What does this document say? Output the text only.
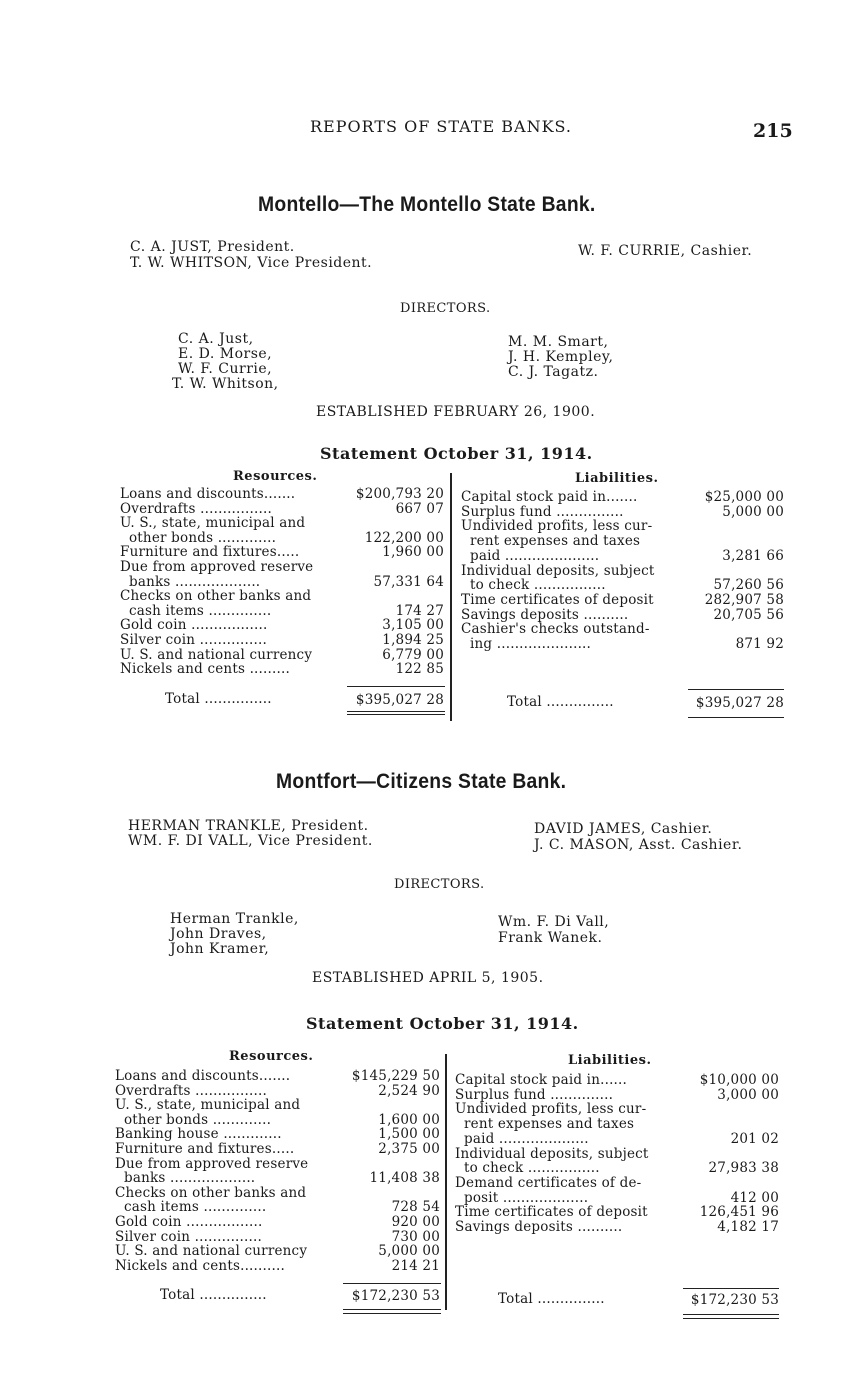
REPORTS OF STATE BANKS.	215
Montello—The Montello State Bank.
C. A. JUST, President.
T. W. WHITSON, Vice President.
W. F. CURRIE, Cashier.
DIRECTORS.
C. A. Just,
E. D. Morse,
W. F. Currie,
T. W. Whitson,
M. M. Smart,
J. H. Kempley,
C. J. Tagatz.
ESTABLISHED FEBRUARY 26, 1900.
Statement October 31, 1914.
Resources.	Liabilities.
Loans and discounts.......	$200,793 20
Overdrafts ................	667 07
U. S., state, municipal and
other bonds .............	122,200 00
Furniture and fixtures.....	1,960 00
Due from approved reserve
banks ...................	57,331 64
Checks on other banks and
cash items ..............	174 27
Gold coin .................	3,105 00
Silver coin ...............	1,894 25
U. S. and national currency	6,779 00
Nickels and cents .........	122 85
Capital stock paid in.......	$25,000 00
Surplus fund ...............	5,000 00
Undivided profits, less cur-
rent expenses and taxes
paid .....................	3,281 66
Individual deposits, subject
to check ................	57,260 56
Time certificates of deposit	282,907 58
Savings deposits ..........	20,705 56
Cashier's checks outstand-
ing .....................	871 92
Total ...............	$395,027 28	Total ...............	$395,027 28
Montfort—Citizens State Bank.
HERMAN TRANKLE, President.
WM. F. DI VALL, Vice President.
DAVID JAMES, Cashier.
J. C. MASON, Asst. Cashier.
DIRECTORS.
Herman Trankle,
John Draves,
John Kramer,
Wm. F. Di Vall,
Frank Wanek.
ESTABLISHED APRIL 5, 1905.
Statement October 31, 1914.
Resources.	Liabilities.
Loans and discounts.......	$145,229 50
Overdrafts ................	2,524 90
U. S., state, municipal and
other bonds .............	1,600 00
Banking house .............	1,500 00
Furniture and fixtures.....	2,375 00
Due from approved reserve
banks ...................	11,408 38
Checks on other banks and
cash items ..............	728 54
Gold coin .................	920 00
Silver coin ...............	730 00
U. S. and national currency	5,000 00
Nickels and cents..........	214 21
Capital stock paid in......	$10,000 00
Surplus fund ..............	3,000 00
Undivided profits, less cur-
rent expenses and taxes
paid ....................	201 02
Individual deposits, subject
to check ................	27,983 38
Demand certificates of de-
posit ...................	412 00
Time certificates of deposit	126,451 96
Savings deposits ..........	4,182 17
Total ...............	$172,230 53	Total ...............	$172,230 53
